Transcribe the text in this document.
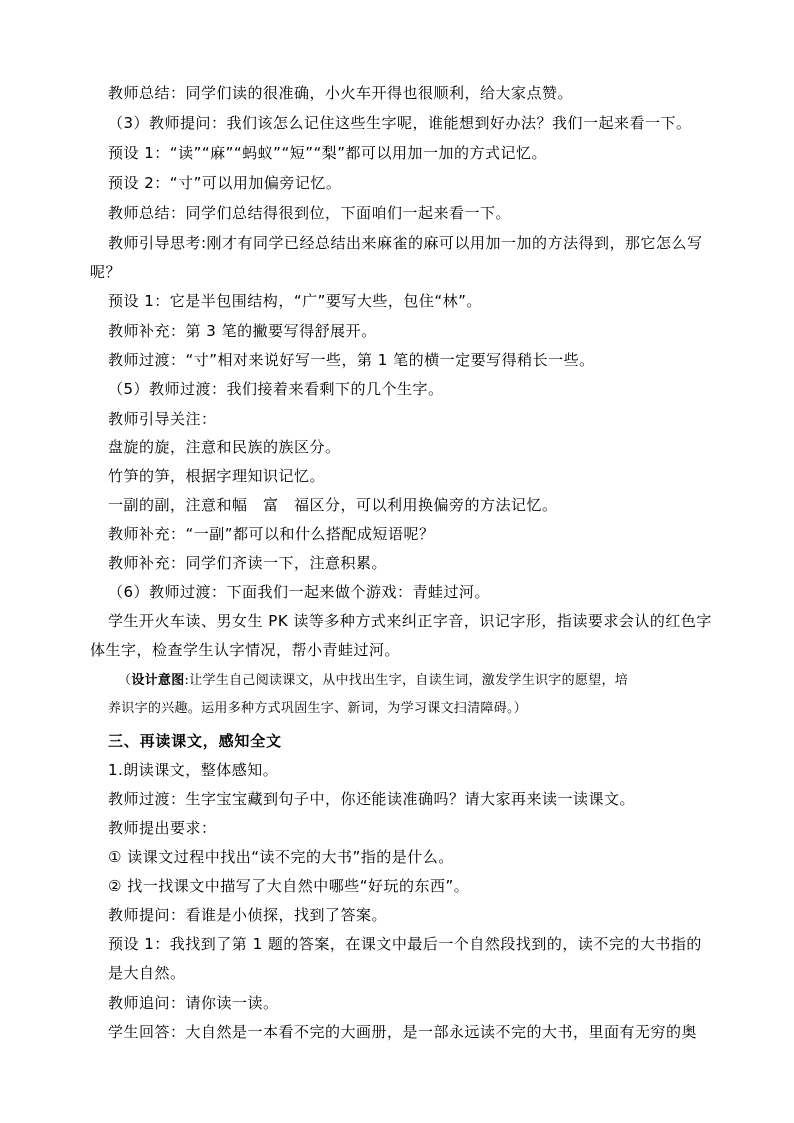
教师总结：同学们读的很准确，小火车开得也很顺利，给大家点赞。
（3）教师提问：我们该怎么记住这些生字呢，谁能想到好办法？我们一起来看一下。
预设 1：“读”“麻”“蚂蚁”“短”“梨”都可以用加一加的方式记忆。
预设 2：“寸”可以用加偏旁记忆。
教师总结：同学们总结得很到位，下面咱们一起来看一下。
教师引导思考:刚才有同学已经总结出来麻雀的麻可以用加一加的方法得到，那它怎么写
呢？
预设 1：它是半包围结构，“广”要写大些，包住“林”。
教师补充：第 3 笔的撇要写得舒展开。
教师过渡：“寸”相对来说好写一些，第 1 笔的横一定要写得稍长一些。
（5）教师过渡：我们接着来看剩下的几个生字。
教师引导关注：
盘旋的旋，注意和民族的族区分。
竹笋的笋，根据字理知识记忆。
一副的副，注意和幅　富　福区分，可以利用换偏旁的方法记忆。
教师补充：“一副”都可以和什么搭配成短语呢？
教师补充：同学们齐读一下，注意积累。
（6）教师过渡：下面我们一起来做个游戏：青蛙过河。
学生开火车读、男女生 PK 读等多种方式来纠正字音，识记字形，指读要求会认的红色字
体生字，检查学生认字情况，帮小青蛙过河。
（设计意图:让学生自己阅读课文，从中找出生字，自读生词，激发学生识字的愿望，培
养识字的兴趣。运用多种方式巩固生字、新词，为学习课文扫清障碍。）
三、再读课文，感知全文
1.朗读课文，整体感知。
教师过渡：生字宝宝藏到句子中，你还能读准确吗？请大家再来读一读课文。
教师提出要求：
① 读课文过程中找出“读不完的大书”指的是什么。
② 找一找课文中描写了大自然中哪些“好玩的东西”。
教师提问：看谁是小侦探，找到了答案。
预设 1：我找到了第 1 题的答案，在课文中最后一个自然段找到的，读不完的大书指的
是大自然。
教师追问：请你读一读。
学生回答：大自然是一本看不完的大画册，是一部永远读不完的大书，里面有无穷的奥
